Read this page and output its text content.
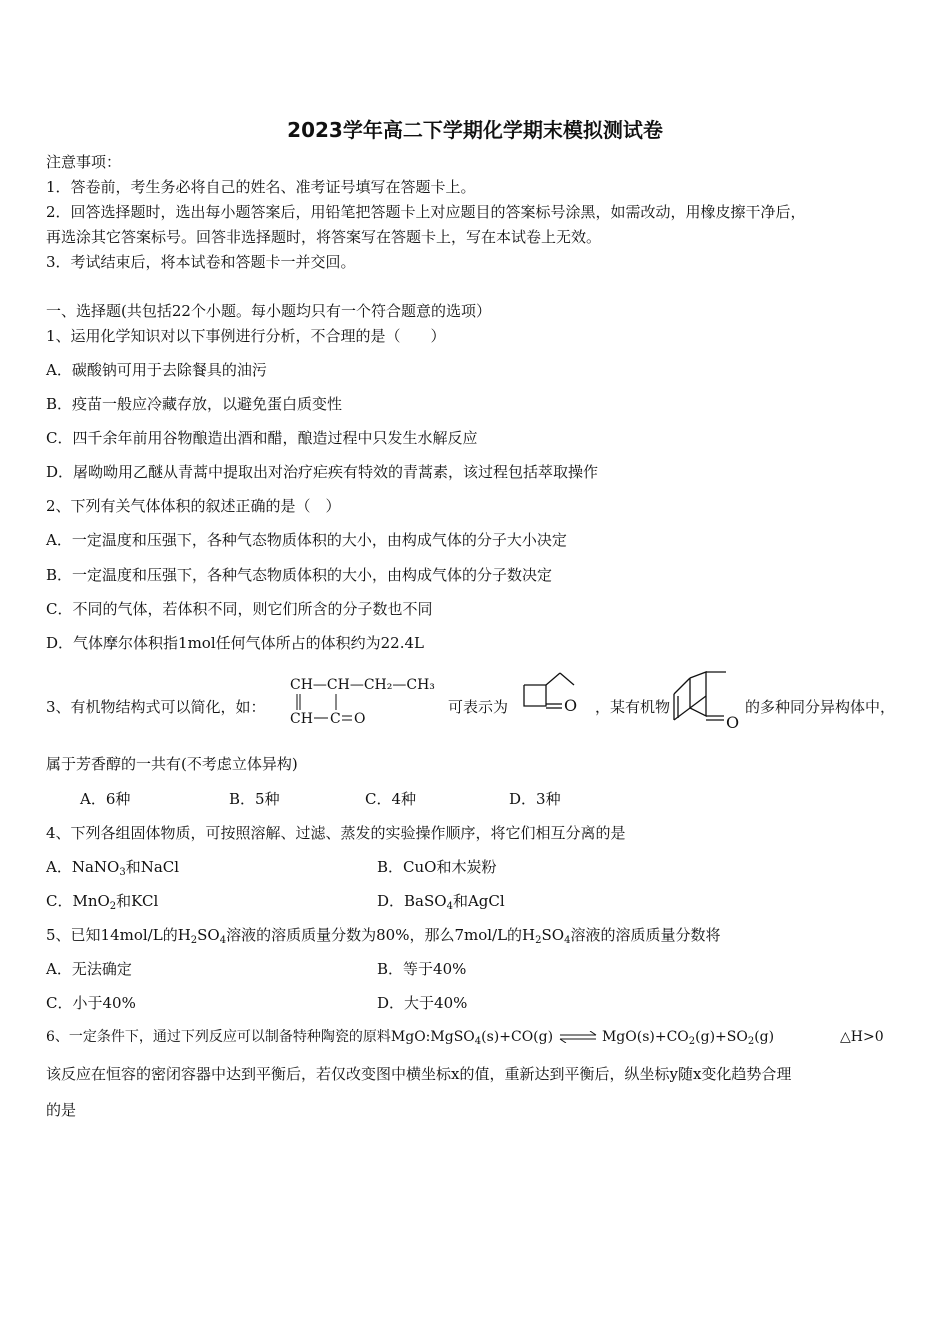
2023学年高二下学期化学期末模拟测试卷
注意事项：
1．答卷前，考生务必将自己的姓名、准考证号填写在答题卡上。
2．回答选择题时，选出每小题答案后，用铅笔把答题卡上对应题目的答案标号涂黑，如需改动，用橡皮擦干净后，
再选涂其它答案标号。回答非选择题时，将答案写在答题卡上，写在本试卷上无效。
3．考试结束后，将本试卷和答题卡一并交回。
一、选择题(共包括22个小题。每小题均只有一个符合题意的选项）
1、运用化学知识对以下事例进行分析，不合理的是（　　）
A．碳酸钠可用于去除餐具的油污
B．疫苗一般应冷藏存放，以避免蛋白质变性
C．四千余年前用谷物酿造出酒和醋，酿造过程中只发生水解反应
D．屠呦呦用乙醚从青蒿中提取出对治疗疟疾有特效的青蒿素，该过程包括萃取操作
2、下列有关气体体积的叙述正确的是（　）
A．一定温度和压强下，各种气态物质体积的大小，由构成气体的分子大小决定
B．一定温度和压强下，各种气态物质体积的大小，由构成气体的分子数决定
C．不同的气体，若体积不同，则它们所含的分子数也不同
D．气体摩尔体积指1mol任何气体所占的体积约为22.4L
3、有机物结构式可以简化，如：
CH—CH—CH₂—CH₃
CH C O
可表示为	O ，某有机物
O
的多种同分异构体中，
属于芳香醇的一共有(不考虑立体异构)
A．6种	B．5种	C．4种	D．3种
4、下列各组固体物质，可按照溶解、过滤、蒸发的实验操作顺序，将它们相互分离的是
A．NaNO$_3$和NaCl	B．CuO和木炭粉
C．MnO$_2$和KCl	D．BaSO$_4$和AgCl
5、已知14mol/L的$H_2SO_4$溶液的溶质质量分数为80%，那么7mol/L的$H_2SO_4$溶液的溶质质量分数将
A．无法确定	B．等于40%
C．小于40%	D．大于40%
6、一定条件下，通过下列反应可以制备特种陶瓷的原料MgO:MgSO$_4$(s)+CO(g) ⇌ $MgO(s)+CO_2(g)+SO_2(g)$	△H>0
该反应在恒容的密闭容器中达到平衡后，若仅改变图中横坐标x的值，重新达到平衡后，纵坐标y随x变化趋势合理
的是
